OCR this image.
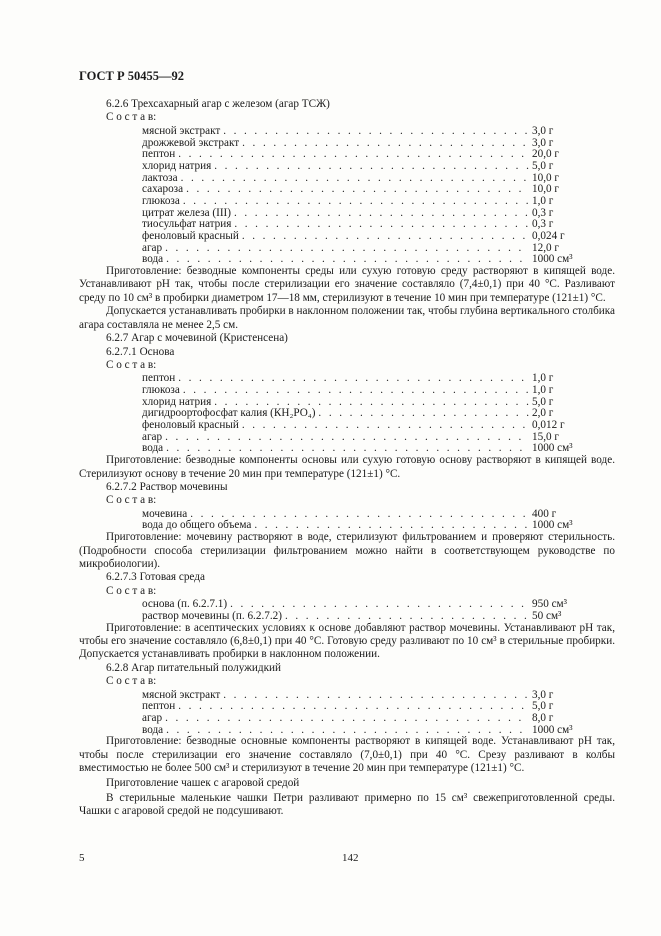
ГОСТ Р 50455—92

6.2.6 Трехсахарный агар с железом (агар ТСЖ)

С о с т а в:

мясной экстракт . . .	3,0 г
дрожжевой экстракт . . .	3,0 г
пептон . . .	20,0 г
хлорид натрия . . .	5,0 г
лактоза . . .	10,0 г
сахароза . . .	10,0 г
глюкоза . . .	1,0 г
цитрат железа (III) . . .	0,3 г
тиосульфат натрия . . .	0,3 г
феноловый красный . . .	0,024 г
агар . . .	12,0 г
вода . . .	1000 см³

Приготовление: безводные компоненты среды или сухую готовую среду растворяют в кипящей воде. Устанавливают рН так, чтобы после стерилизации его значение составляло (7,4±0,1) при 40 °С. Разливают среду по 10 см³ в пробирки диаметром 17—18 мм, стерилизуют в течение 10 мин при температуре (121±1) °С.

Допускается устанавливать пробирки в наклонном положении так, чтобы глубина вертикального столбика агара составляла не менее 2,5 см.

6.2.7 Агар с мочевиной (Кристенсена)

6.2.7.1 Основа

С о с т а в:

пептон . . .	1,0 г
глюкоза . . .	1,0 г
хлорид натрия . . .	5,0 г
дигидроортофосфат калия (КН₂РО₄) . . .	2,0 г
феноловый красный . . .	0,012 г
агар . . .	15,0 г
вода . . .	1000 см³

Приготовление: безводные компоненты основы или сухую готовую основу растворяют в кипящей воде. Стерилизуют основу в течение 20 мин при температуре (121±1) °С.

6.2.7.2 Раствор мочевины

С о с т а в:

мочевина . . .	400 г
вода до общего объема . . .	1000 см³

Приготовление: мочевину растворяют в воде, стерилизуют фильтрованием и проверяют стерильность. (Подробности способа стерилизации фильтрованием можно найти в соответствующем руководстве по микробиологии).

6.2.7.3 Готовая среда

С о с т а в:

основа (п. 6.2.7.1) . . .	950 см³
раствор мочевины (п. 6.2.7.2) . . .	50 см³

Приготовление: в асептических условиях к основе добавляют раствор мочевины. Устанавливают рН так, чтобы его значение составляло (6,8±0,1) при 40 °С. Готовую среду разливают по 10 см³ в стерильные пробирки. Допускается устанавливать пробирки в наклонном положении.

6.2.8 Агар питательный полужидкий

С о с т а в:

мясной экстракт . . .	3,0 г
пептон . . .	5,0 г
агар . . .	8,0 г
вода . . .	1000 см³

Приготовление: безводные основные компоненты растворяют в кипящей воде. Устанавливают рН так, чтобы после стерилизации его значение составляло (7,0±0,1) при 40 °С. Срезу разливают в колбы вместимостью не более 500 см³ и стерилизуют в течение 20 мин при температуре (121±1) °С.

Приготовление чашек с агаровой средой

В стерильные маленькие чашки Петри разливают примерно по 15 см³ свежеприготовленной среды. Чашки с агаровой средой не подсушивают.

5	142
